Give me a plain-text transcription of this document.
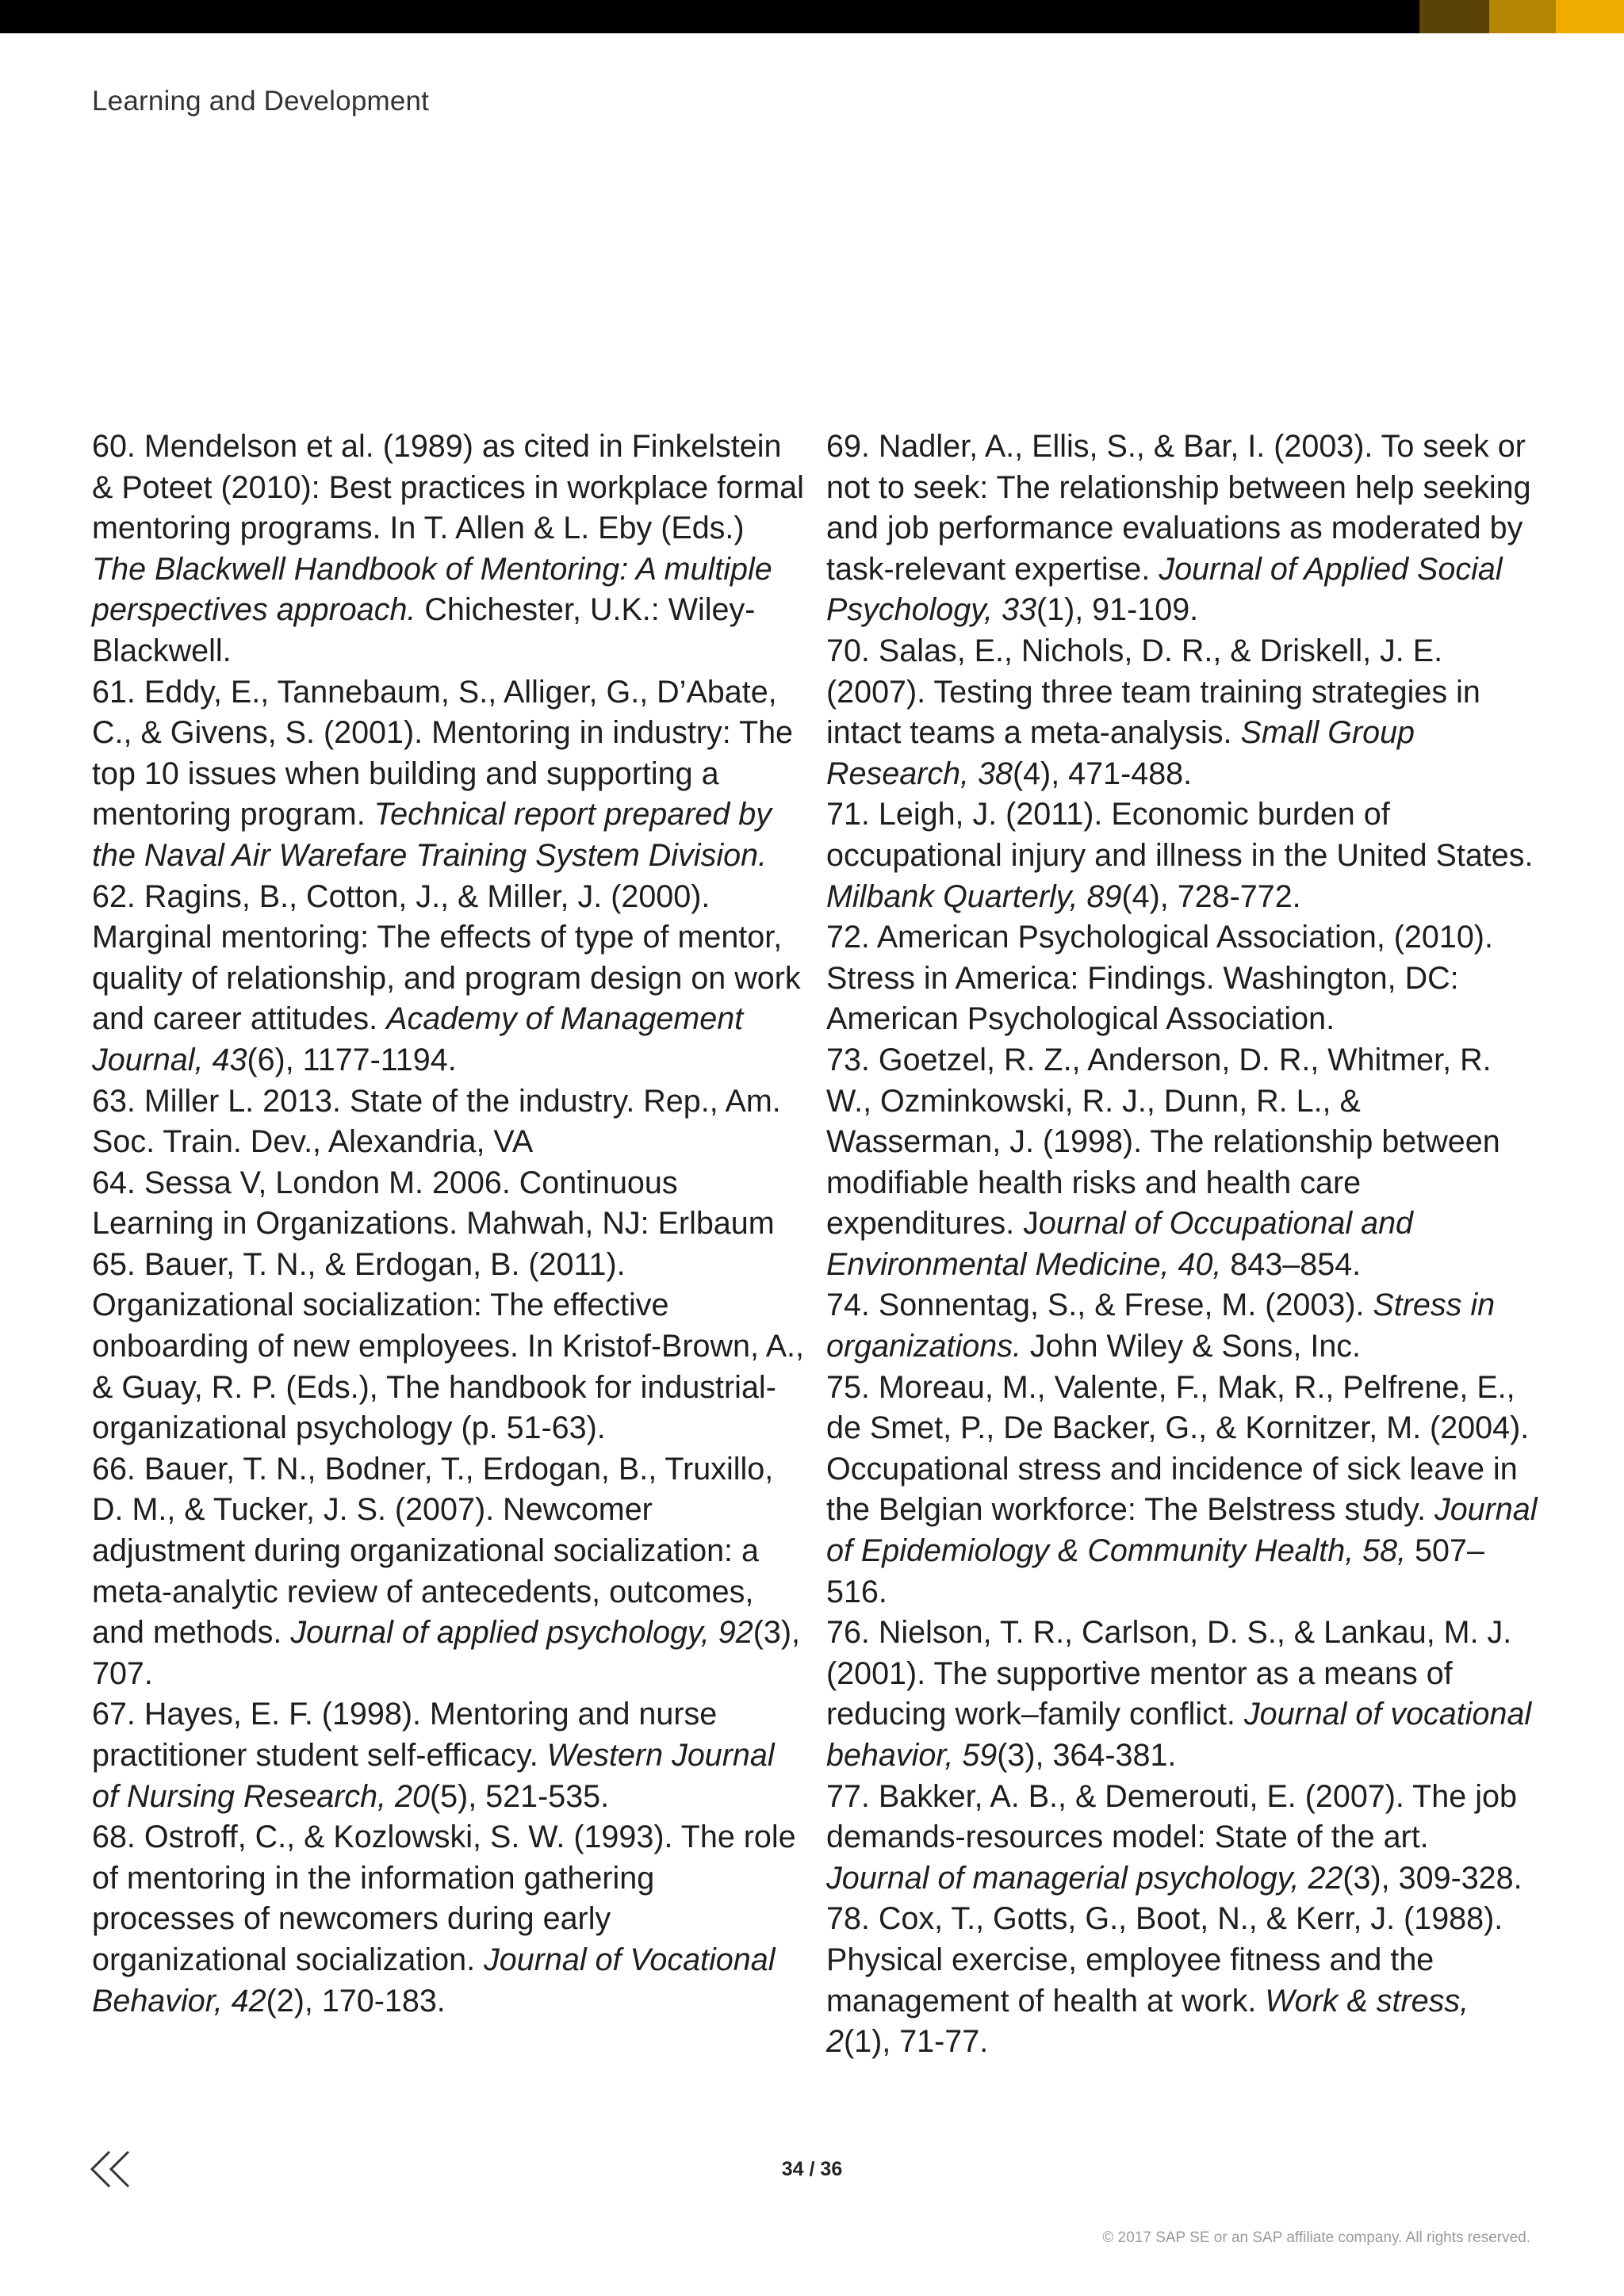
Learning and Development

60. Mendelson et al. (1989) as cited in Finkelstein & Poteet (2010): Best practices in workplace formal mentoring programs. In T. Allen & L. Eby (Eds.) The Blackwell Handbook of Mentoring: A multiple perspectives approach. Chichester, U.K.: Wiley-Blackwell.

61. Eddy, E., Tannebaum, S., Alliger, G., D’Abate, C., & Givens, S. (2001). Mentoring in industry: The top 10 issues when building and supporting a mentoring program. Technical report prepared by the Naval Air Warefare Training System Division.

62. Ragins, B., Cotton, J., & Miller, J. (2000). Marginal mentoring: The effects of type of mentor, quality of relationship, and program design on work and career attitudes. Academy of Management Journal, 43(6), 1177-1194.

63. Miller L. 2013. State of the industry. Rep., Am. Soc. Train. Dev., Alexandria, VA

64. Sessa V, London M. 2006. Continuous Learning in Organizations. Mahwah, NJ: Erlbaum

65. Bauer, T. N., & Erdogan, B. (2011). Organizational socialization: The effective onboarding of new employees. In Kristof-Brown, A., & Guay, R. P. (Eds.), The handbook for industrial-organizational psychology (p. 51-63).

66. Bauer, T. N., Bodner, T., Erdogan, B., Truxillo, D. M., & Tucker, J. S. (2007). Newcomer adjustment during organizational socialization: a meta-analytic review of antecedents, outcomes, and methods. Journal of applied psychology, 92(3), 707.

67. Hayes, E. F. (1998). Mentoring and nurse practitioner student self-efficacy. Western Journal of Nursing Research, 20(5), 521-535.

68. Ostroff, C., & Kozlowski, S. W. (1993). The role of mentoring in the information gathering processes of newcomers during early organizational socialization. Journal of Vocational Behavior, 42(2), 170-183.

69. Nadler, A., Ellis, S., & Bar, I. (2003). To seek or not to seek: The relationship between help seeking and job performance evaluations as moderated by task-relevant expertise. Journal of Applied Social Psychology, 33(1), 91-109.

70. Salas, E., Nichols, D. R., & Driskell, J. E. (2007). Testing three team training strategies in intact teams a meta-analysis. Small Group Research, 38(4), 471-488.

71. Leigh, J. (2011). Economic burden of occupational injury and illness in the United States. Milbank Quarterly, 89(4), 728-772.

72. American Psychological Association, (2010). Stress in America: Findings. Washington, DC: American Psychological Association.

73. Goetzel, R. Z., Anderson, D. R., Whitmer, R. W., Ozminkowski, R. J., Dunn, R. L., & Wasserman, J. (1998). The relationship between modifiable health risks and health care expenditures. Journal of Occupational and Environmental Medicine, 40, 843–854.

74. Sonnentag, S., & Frese, M. (2003). Stress in organizations. John Wiley & Sons, Inc.

75. Moreau, M., Valente, F., Mak, R., Pelfrene, E., de Smet, P., De Backer, G., & Kornitzer, M. (2004). Occupational stress and incidence of sick leave in the Belgian workforce: The Belstress study. Journal of Epidemiology & Community Health, 58, 507–516.

76. Nielson, T. R., Carlson, D. S., & Lankau, M. J. (2001). The supportive mentor as a means of reducing work–family conflict. Journal of vocational behavior, 59(3), 364-381.

77. Bakker, A. B., & Demerouti, E. (2007). The job demands-resources model: State of the art. Journal of managerial psychology, 22(3), 309-328.

78. Cox, T., Gotts, G., Boot, N., & Kerr, J. (1988). Physical exercise, employee fitness and the management of health at work. Work & stress, 2(1), 71-77.

34 / 36
© 2017 SAP SE or an SAP affiliate company. All rights reserved.
